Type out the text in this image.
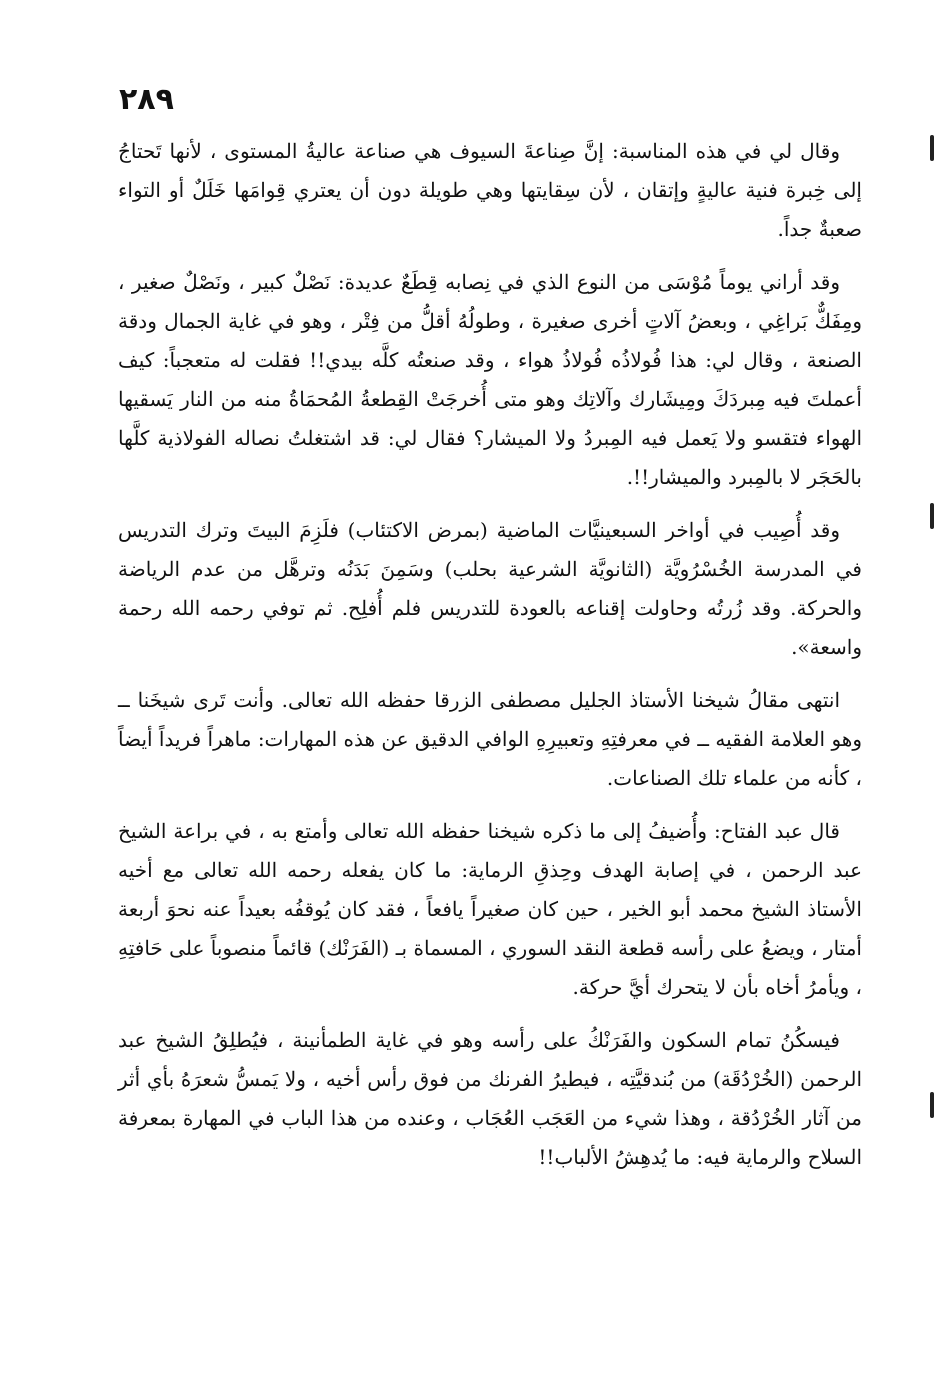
٢٨٩

وقال لي في هذه المناسبة: إنَّ صِناعةَ السيوف هي صناعة عاليةُ المستوى ، لأنها تَحتاجُ إلى خِبرة فنية عاليةٍ وإتقان ، لأن سِقايتها وهي طويلة دون أن يعتري قِوامَها خَلَلٌ أو التواء صعبةٌ جداً.

وقد أراني يوماً مُوْسَى من النوع الذي في نِصابه قِطَعٌ عديدة: نَصْلٌ كبير ، ونَصْلٌ صغير ، ومِفَكٌّ بَراغِي ، وبعضُ آلاتٍ أخرى صغيرة ، وطولُهُ أقلُّ من فِتْر ، وهو في غاية الجمال ودقة الصنعة ، وقال لي: هذا فُولاذُه فُولاذُ هواء ، وقد صنعتُه كلَّه بيدي!! فقلت له متعجباً: كيف أعملتَ فيه مِبردَكَ ومِيشَارك وآلاتِك وهو متى أُخرجَتْ القِطعةُ المُحمَاةُ منه من النار يَسقيها الهواء فتقسو ولا يَعمل فيه المِبردُ ولا الميشار؟ فقال لي: قد اشتغلتُ نصاله الفولاذية كلَّها بالحَجَر لا بالمِبرد والميشار!!.

وقد أُصِيب في أواخر السبعينيَّات الماضية (بمرض الاكتئاب) فلَزِمَ البيتَ وترك التدريس في المدرسة الخُسْرُويَّة (الثانويَّة الشرعية بحلب) وسَمِنَ بَدَنُه وترهَّل من عدم الرياضة والحركة. وقد زُرتُه وحاولت إقناعه بالعودة للتدريس فلم أُفلِح. ثم توفي رحمه الله رحمة واسعة».

انتهى مقالُ شيخنا الأستاذ الجليل مصطفى الزرقا حفظه الله تعالى. وأنت تَرى شيخَنا ــ وهو العلامة الفقيه ــ في معرفتِهِ وتعبيرِهِ الوافي الدقيق عن هذه المهارات: ماهراً فريداً أيضاً ، كأنه من علماء تلك الصناعات.

قال عبد الفتاح: وأُضيفُ إلى ما ذكره شيخنا حفظه الله تعالى وأمتع به ، في براعة الشيخ عبد الرحمن ، في إصابة الهدف وحِذقِ الرماية: ما كان يفعله رحمه الله تعالى مع أخيه الأستاذ الشيخ محمد أبو الخير ، حين كان صغيراً يافعاً ، فقد كان يُوقفُه بعيداً عنه نحوَ أربعة أمتار ، ويضعُ على رأسه قطعة النقد السوري ، المسماة بـ (الفَرَنْك) قائماً منصوباً على حَافتِهِ ، ويأمرُ أخاه بأن لا يتحرك أيَّ حركة.

فيسكُنُ تمام السكون والفَرَنْكُ على رأسه وهو في غاية الطمأنينة ، فيُطلِقُ الشيخ عبد الرحمن (الخُرْدُقَة) من بُندقيَّتِه ، فيطيرُ الفرنك من فوق رأس أخيه ، ولا يَمسُّ شعرَهُ بأي أثر من آثار الخُرْدُقة ، وهذا شيء من العَجَب العُجَاب ، وعنده من هذا الباب في المهارة بمعرفة السلاح والرماية فيه: ما يُدهِشُ الألباب!!
